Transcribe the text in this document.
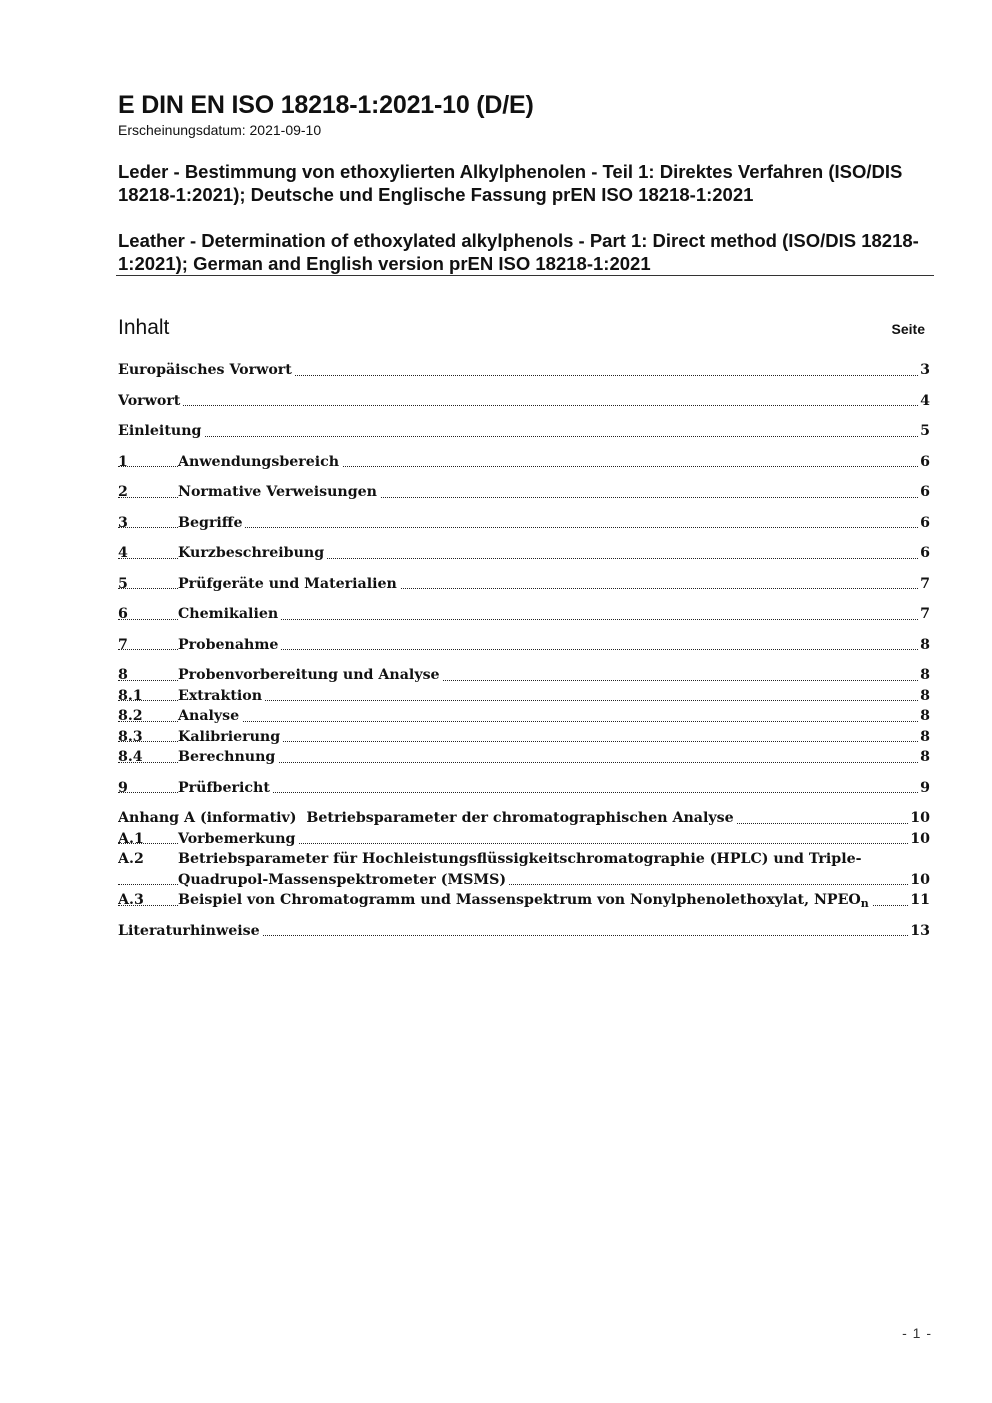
E DIN EN ISO 18218-1:2021-10 (D/E)
Erscheinungsdatum: 2021-09-10
Leder - Bestimmung von ethoxylierten Alkylphenolen - Teil 1: Direktes Verfahren (ISO/DIS 18218-1:2021); Deutsche und Englische Fassung prEN ISO 18218-1:2021
Leather - Determination of ethoxylated alkylphenols - Part 1: Direct method (ISO/DIS 18218-1:2021); German and English version prEN ISO 18218-1:2021
Inhalt	Seite
Europäisches Vorwort	3
Vorwort	4
Einleitung	5
1	Anwendungsbereich	6
2	Normative Verweisungen	6
3	Begriffe	6
4	Kurzbeschreibung	6
5	Prüfgeräte und Materialien	7
6	Chemikalien	7
7	Probenahme	8
8	Probenvorbereitung und Analyse	8
8.1 Extraktion	8
8.2 Analyse	8
8.3 Kalibrierung	8
8.4 Berechnung	8
9	Prüfbericht	9
Anhang A (informativ)  Betriebsparameter der chromatographischen Analyse	10
A.1 Vorbemerkung	10
A.2 Betriebsparameter für Hochleistungsflüssigkeitschromatographie (HPLC) und Triple-
Quadrupol-Massenspektrometer (MSMS)	10
A.3 Beispiel von Chromatogramm und Massenspektrum von Nonylphenolethoxylat, $NPEO_n$	11
Literaturhinweise	13
- 1 -
